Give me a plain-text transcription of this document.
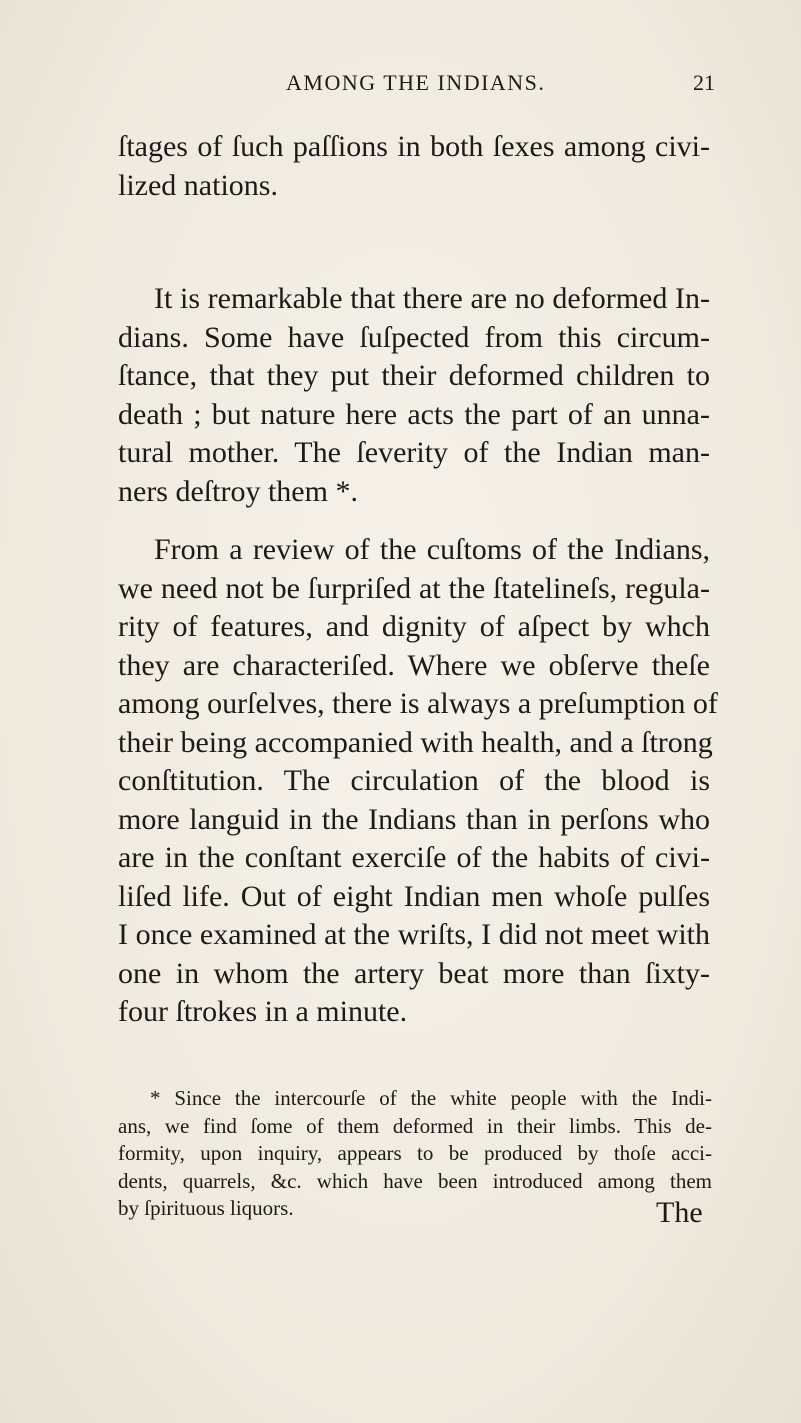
AMONG THE INDIANS.	21
ſtages of ſuch paſſions in both ſexes among civi-
lized nations.
It is remarkable that there are no deformed In-
dians. Some have ſuſpected from this circum-
ſtance, that they put their deformed children to
death ; but nature here acts the part of an unna-
tural mother. The ſeverity of the Indian man-
ners deſtroy them *.
From a review of the cuſtoms of the Indians,
we need not be ſurpriſed at the ſtatelineſs, regula-
rity of features, and dignity of aſpect by whch
they are characteriſed. Where we obſerve theſe
among ourſelves, there is always a preſumption of
their being accompanied with health, and a ſtrong
conſtitution. The circulation of the blood is
more languid in the Indians than in perſons who
are in the conſtant exerciſe of the habits of civi-
liſed life. Out of eight Indian men whoſe pulſes
I once examined at the wriſts, I did not meet with
one in whom the artery beat more than ſixty-
four ſtrokes in a minute.
* Since the intercourſe of the white people with the Indi-
ans, we find ſome of them deformed in their limbs. This de-
formity, upon inquiry, appears to be produced by thoſe acci-
dents, quarrels, &c. which have been introduced among them
by ſpirituous liquors.	The
